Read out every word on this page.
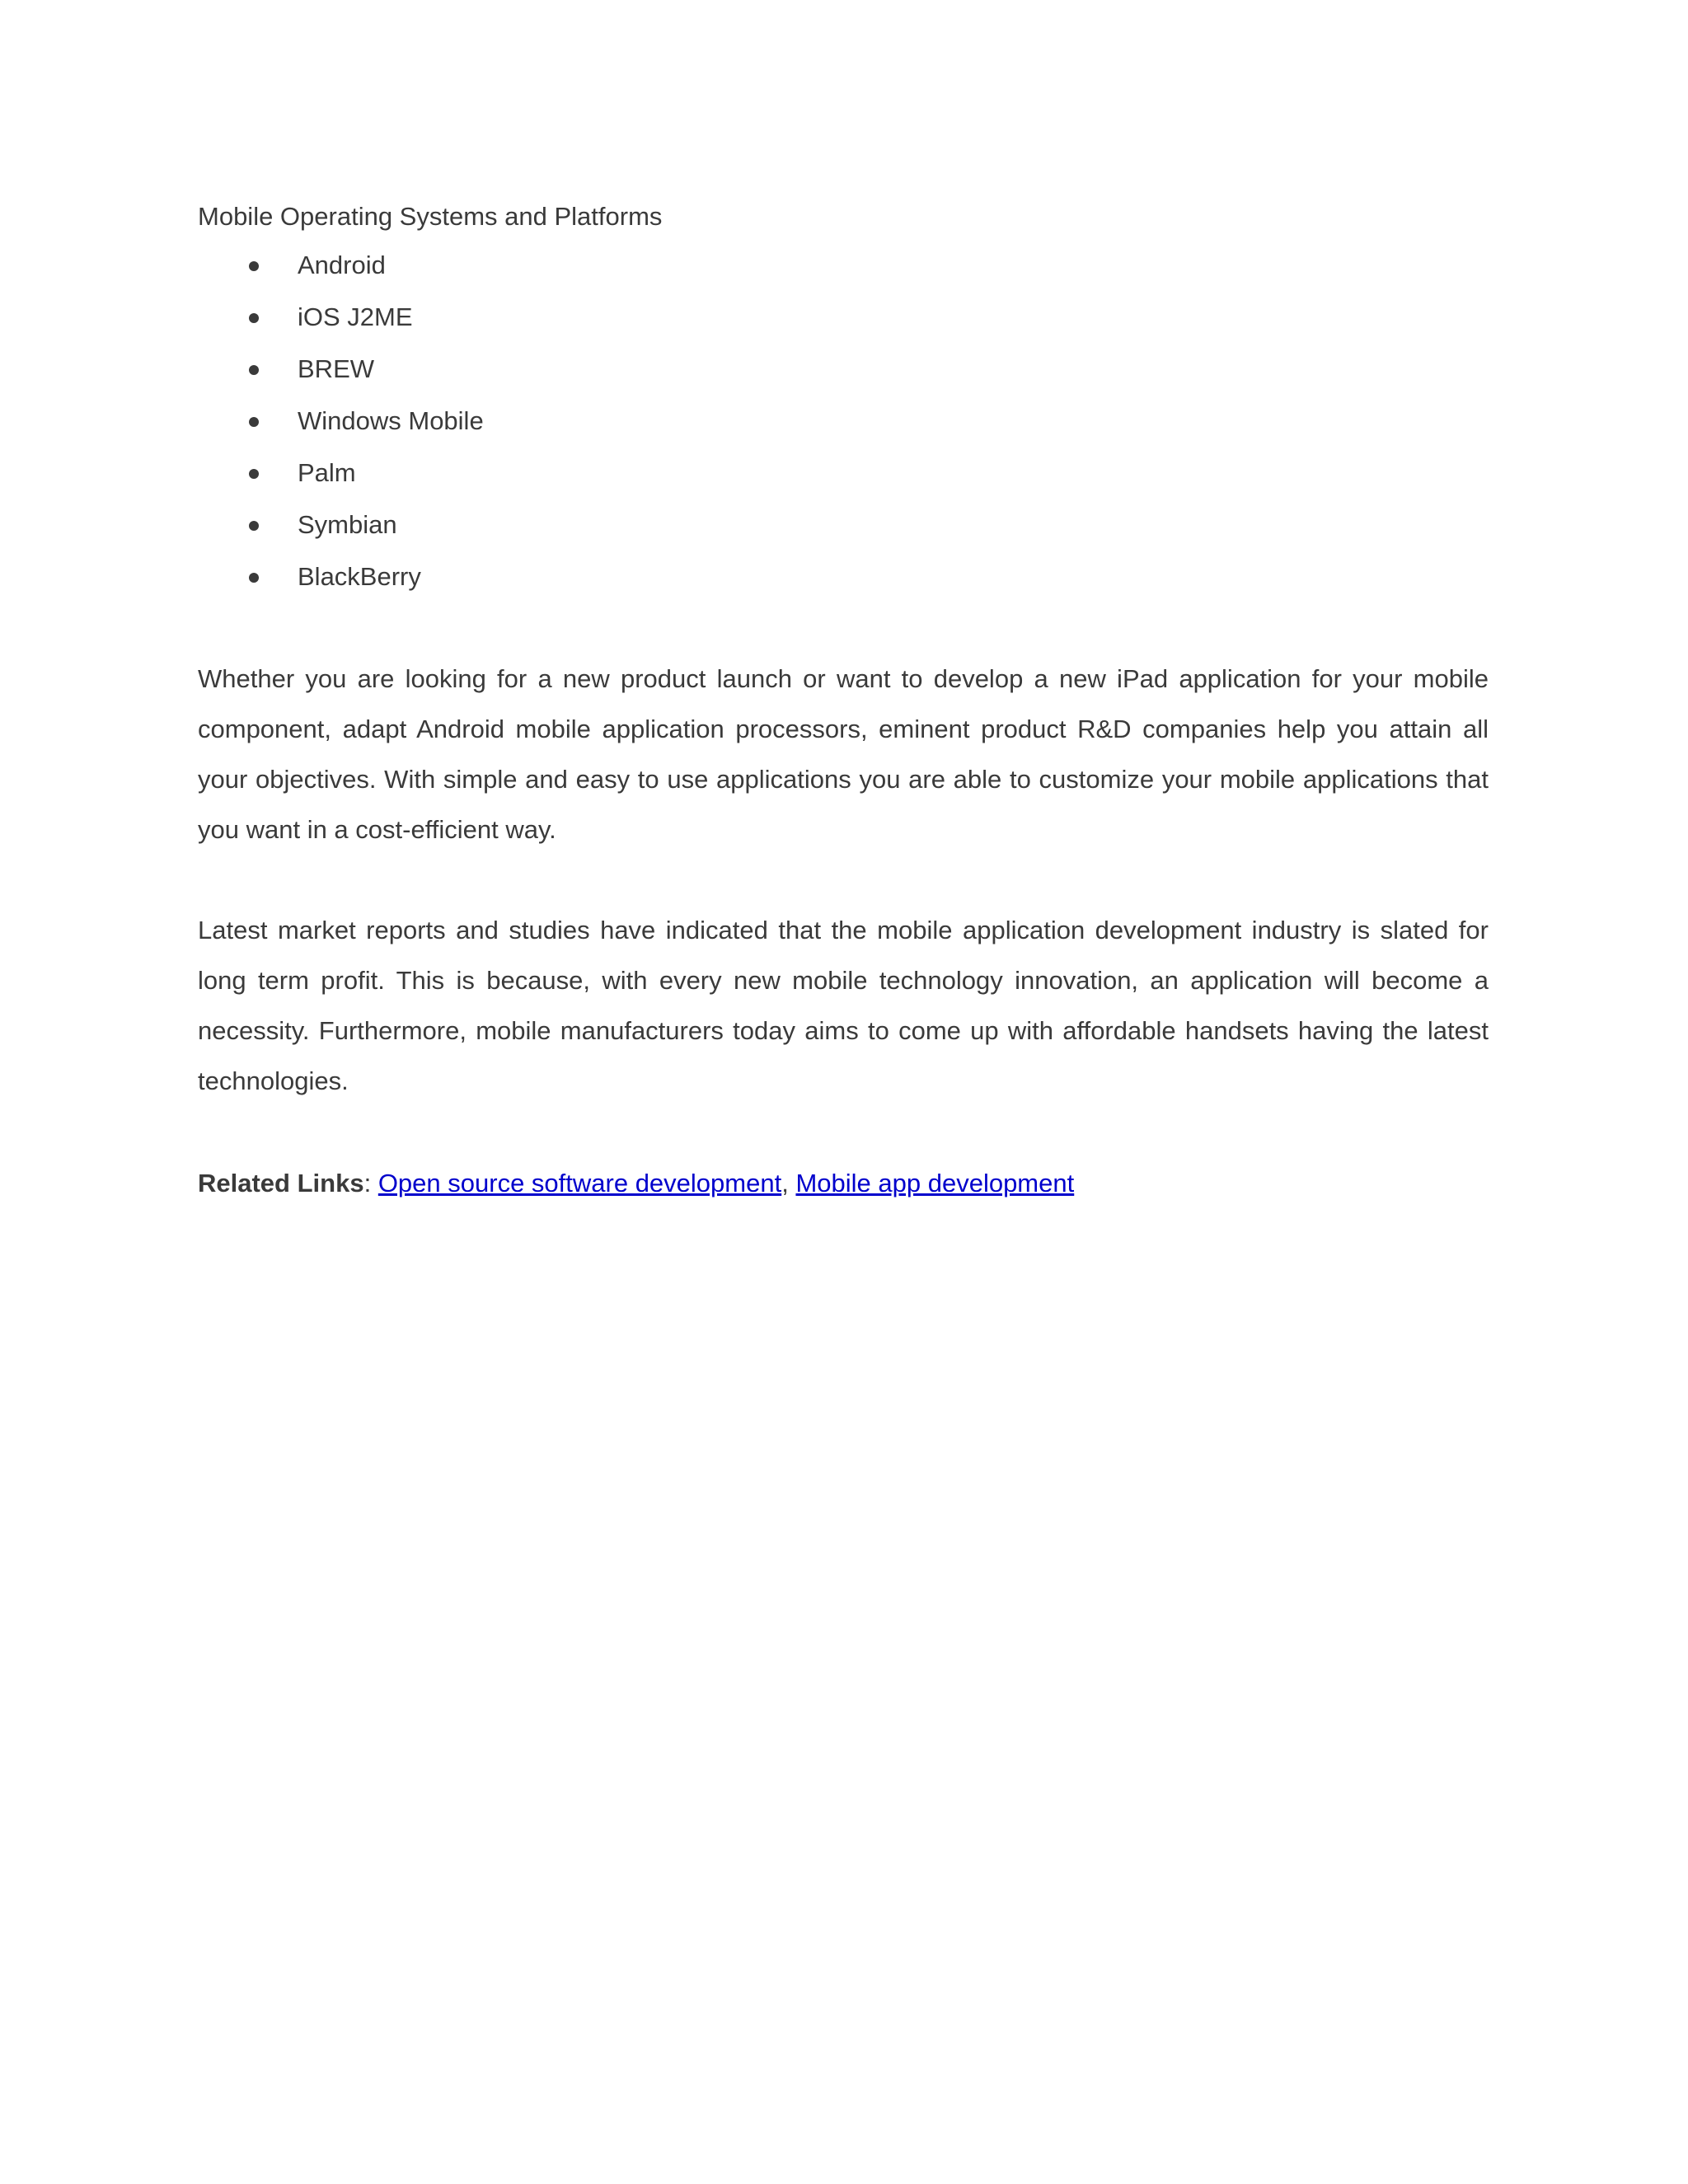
Mobile Operating Systems and Platforms

Android
iOS J2ME
BREW
Windows Mobile
Palm
Symbian
BlackBerry

Whether you are looking for a new product launch or want to develop a new iPad application for your mobile component, adapt Android mobile application processors, eminent product R&D companies help you attain all your objectives. With simple and easy to use applications you are able to customize your mobile applications that you want in a cost-efficient way.

Latest market reports and studies have indicated that the mobile application development industry is slated for long term profit. This is because, with every new mobile technology innovation, an application will become a necessity. Furthermore, mobile manufacturers today aims to come up with affordable handsets having the latest technologies.

Related Links: Open source software development, Mobile app development
